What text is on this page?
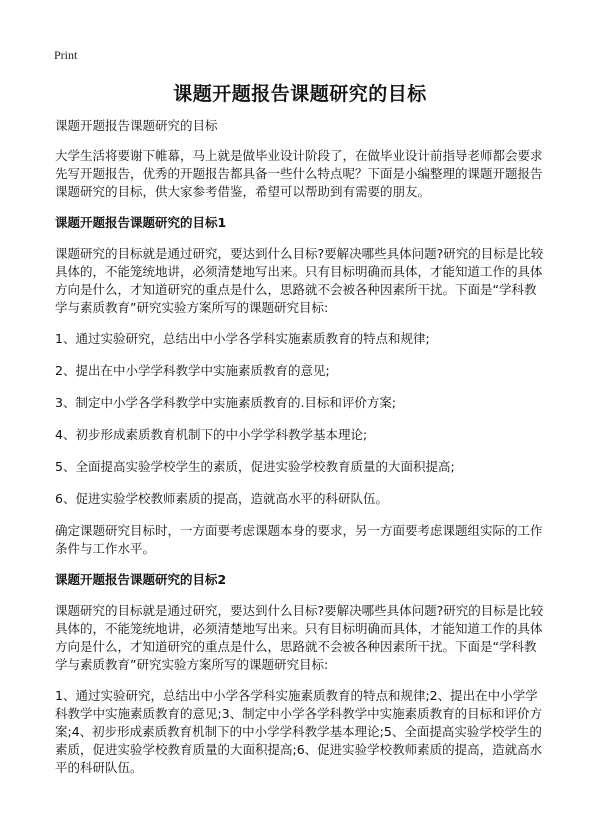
Print
课题开题报告课题研究的目标

课题开题报告课题研究的目标

大学生活将要谢下帷幕，马上就是做毕业设计阶段了，在做毕业设计前指导老师都会要求先写开题报告，优秀的开题报告都具备一些什么特点呢？下面是小编整理的课题开题报告课题研究的目标，供大家参考借鉴，希望可以帮助到有需要的朋友。

课题开题报告课题研究的目标1

课题研究的目标就是通过研究，要达到什么目标?要解决哪些具体问题?研究的目标是比较具体的，不能笼统地讲，必须清楚地写出来。只有目标明确而具体，才能知道工作的具体方向是什么，才知道研究的重点是什么，思路就不会被各种因素所干扰。下面是“学科教学与素质教育”研究实验方案所写的课题研究目标:

1、通过实验研究，总结出中小学各学科实施素质教育的特点和规律;

2、提出在中小学学科教学中实施素质教育的意见;

3、制定中小学各学科教学中实施素质教育的.目标和评价方案;

4、初步形成素质教育机制下的中小学学科教学基本理论;

5、全面提高实验学校学生的素质，促进实验学校教育质量的大面积提高;

6、促进实验学校教师素质的提高，造就高水平的科研队伍。

确定课题研究目标时，一方面要考虑课题本身的要求，另一方面要考虑课题组实际的工作条件与工作水平。

课题开题报告课题研究的目标2

课题研究的目标就是通过研究，要达到什么目标?要解决哪些具体问题?研究的目标是比较具体的，不能笼统地讲，必须清楚地写出来。只有目标明确而具体，才能知道工作的具体方向是什么，才知道研究的重点是什么，思路就不会被各种因素所干扰。下面是“学科教学与素质教育”研究实验方案所写的课题研究目标:

1、通过实验研究，总结出中小学各学科实施素质教育的特点和规律;2、提出在中小学学科教学中实施素质教育的意见;3、制定中小学各学科教学中实施素质教育的目标和评价方案;4、初步形成素质教育机制下的中小学学科教学基本理论;5、全面提高实验学校学生的素质，促进实验学校教育质量的大面积提高;6、促进实验学校教师素质的提高，造就高水平的科研队伍。
